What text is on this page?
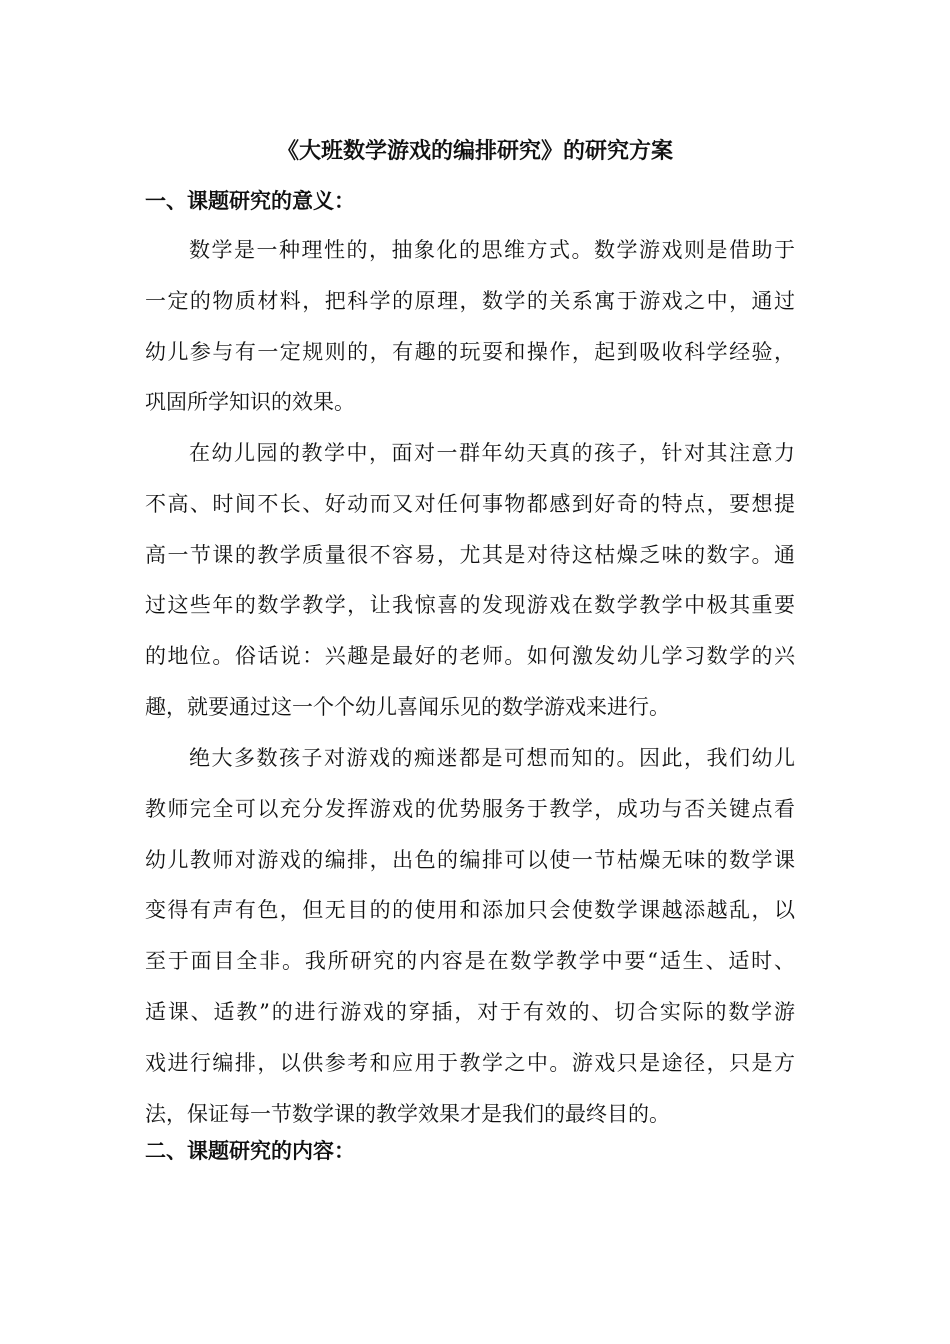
《大班数学游戏的编排研究》的研究方案
一、课题研究的意义：
数学是一种理性的，抽象化的思维方式。数学游戏则是借助于
一定的物质材料，把科学的原理，数学的关系寓于游戏之中，通过
幼儿参与有一定规则的，有趣的玩耍和操作，起到吸收科学经验，
巩固所学知识的效果。
在幼儿园的教学中，面对一群年幼天真的孩子，针对其注意力
不高、时间不长、好动而又对任何事物都感到好奇的特点，要想提
高一节课的教学质量很不容易，尤其是对待这枯燥乏味的数字。通
过这些年的数学教学，让我惊喜的发现游戏在数学教学中极其重要
的地位。俗话说：兴趣是最好的老师。如何激发幼儿学习数学的兴
趣，就要通过这一个个幼儿喜闻乐见的数学游戏来进行。
绝大多数孩子对游戏的痴迷都是可想而知的。因此，我们幼儿
教师完全可以充分发挥游戏的优势服务于教学，成功与否关键点看
幼儿教师对游戏的编排，出色的编排可以使一节枯燥无味的数学课
变得有声有色，但无目的的使用和添加只会使数学课越添越乱，以
至于面目全非。我所研究的内容是在数学教学中要“适生、适时、
适课、适教”的进行游戏的穿插，对于有效的、切合实际的数学游
戏进行编排，以供参考和应用于教学之中。游戏只是途径，只是方
法，保证每一节数学课的教学效果才是我们的最终目的。
二、课题研究的内容：
